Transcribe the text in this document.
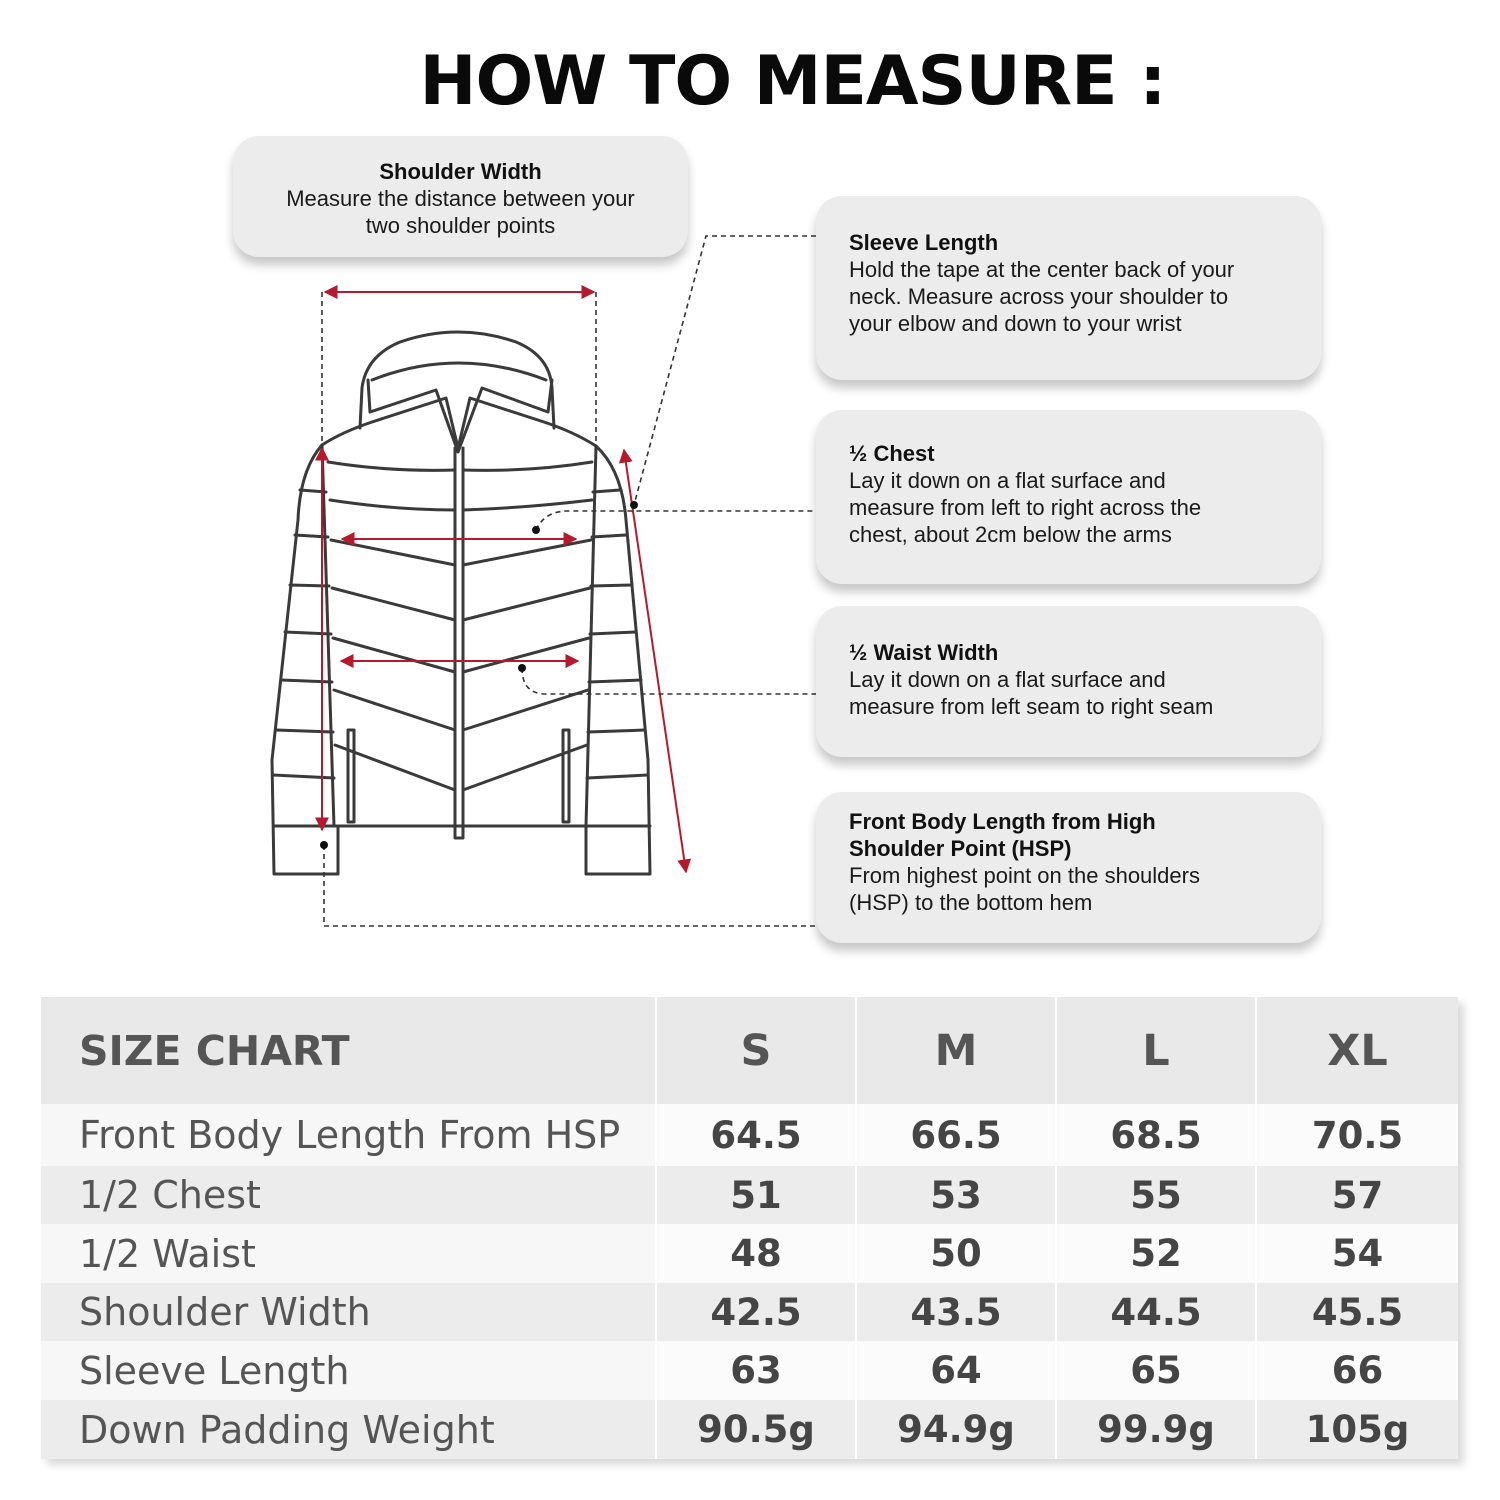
HOW TO MEASURE :
Shoulder Width
Measure the distance between your
two shoulder points
Sleeve Length
Hold the tape at the center back of your
neck. Measure across your shoulder to
your elbow and down to your wrist
½ Chest
Lay it down on a flat surface and
measure from left to right across the
chest, about 2cm below the arms
½ Waist Width
Lay it down on a flat surface and
measure from left seam to right seam
Front Body Length from High
Shoulder Point (HSP)
From highest point on the shoulders
(HSP) to the bottom hem
SIZE CHART	S	M	L	XL
Front Body Length From HSP	64.5	66.5	68.5	70.5
1/2 Chest	51	53	55	57
1/2 Waist	48	50	52	54
Shoulder Width	42.5	43.5	44.5	45.5
Sleeve Length	63	64	65	66
Down Padding Weight	90.5g	94.9g	99.9g	105g
